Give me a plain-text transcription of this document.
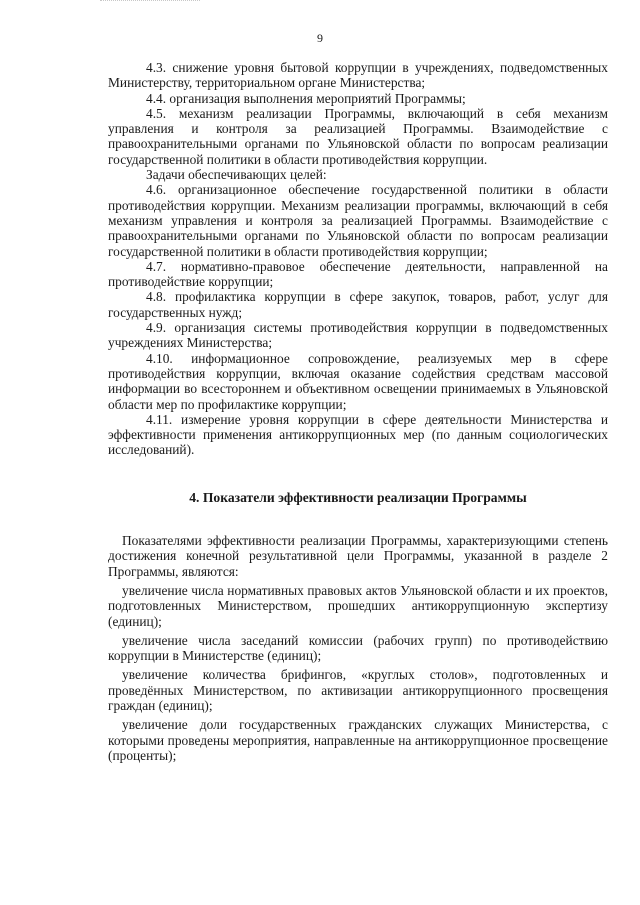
9

4.3. снижение уровня бытовой коррупции в учреждениях, подведомственных Министерству, территориальном органе Министерства;

4.4. организация выполнения мероприятий Программы;

4.5. механизм реализации Программы, включающий в себя механизм управления и контроля за реализацией Программы. Взаимодействие с правоохранительными органами по Ульяновской области по вопросам реализации государственной политики в области противодействия коррупции.

Задачи обеспечивающих целей:

4.6. организационное обеспечение государственной политики в области противодействия коррупции. Механизм реализации программы, включающий в себя механизм управления и контроля за реализацией Программы. Взаимодействие с правоохранительными органами по Ульяновской области по вопросам реализации государственной политики в области противодействия коррупции;

4.7. нормативно-правовое обеспечение деятельности, направленной на противодействие коррупции;

4.8. профилактика коррупции в сфере закупок, товаров, работ, услуг для государственных нужд;

4.9. организация системы противодействия коррупции в подведомственных учреждениях Министерства;

4.10. информационное сопровождение, реализуемых мер в сфере противодействия коррупции, включая оказание содействия средствам массовой информации во всестороннем и объективном освещении принимаемых в Ульяновской области мер по профилактике коррупции;

4.11. измерение уровня коррупции в сфере деятельности Министерства и эффективности применения антикоррупционных мер (по данным социологических исследований).

4. Показатели эффективности реализации Программы

Показателями эффективности реализации Программы, характеризующими степень достижения конечной результативной цели Программы, указанной в разделе 2 Программы, являются:

увеличение числа нормативных правовых актов Ульяновской области и их проектов, подготовленных Министерством, прошедших антикоррупционную экспертизу (единиц);

увеличение числа заседаний комиссии (рабочих групп) по противодействию коррупции в Министерстве (единиц);

увеличение количества брифингов, «круглых столов», подготовленных и проведённых Министерством, по активизации антикоррупционного просвещения граждан (единиц);

увеличение доли государственных гражданских служащих Министерства, с которыми проведены мероприятия, направленные на антикоррупционное просвещение (проценты);
